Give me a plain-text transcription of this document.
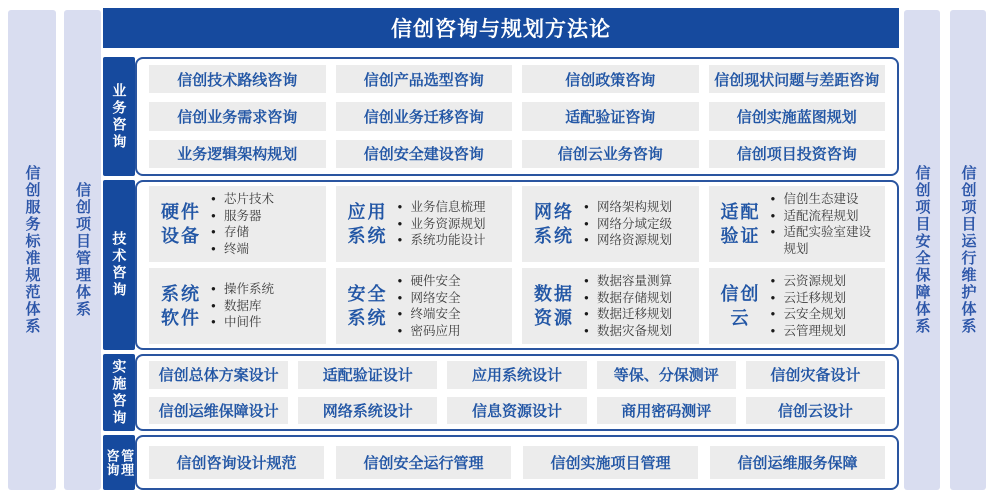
信创服务标准规范体系 信创项目管理体系
信创咨询与规划方法论
业务咨询
信创技术路线咨询	信创产品选型咨询	信创政策咨询	信创现状问题与差距咨询
信创业务需求咨询	信创业务迁移咨询	适配验证咨询	信创实施蓝图规划
业务逻辑架构规划	信创安全建设咨询	信创云业务咨询	信创项目投资咨询
技术咨询
硬件
设备
● 芯片技术
● 服务器
● 存储
● 终端
应用
系统
● 业务信息梳理
● 业务资源规划
● 系统功能设计
网络
系统
● 网络架构规划
● 网络分域定级
● 网络资源规划
适配
验证
● 信创生态建设
● 适配流程规划
● 适配实验室建设规划
系统
软件
● 操作系统
● 数据库
● 中间件
安全
系统
● 硬件安全
● 网络安全
● 终端安全
● 密码应用
数据
资源
● 数据容量测算
● 数据存储规划
● 数据迁移规划
● 数据灾备规划
信创
云
● 云资源规划
● 云迁移规划
● 云安全规划
● 云管理规划
实施咨询	信创总体方案设计	适配验证设计	应用系统设计	等保、分保测评	信创灾备设计
信创运维保障设计	网络系统设计	信息资源设计	商用密码测评	信创云设计
咨询 管理	信创咨询设计规范	信创安全运行管理	信创实施项目管理	信创运维服务保障
信创项目安全保障体系 信创项目运行维护体系
